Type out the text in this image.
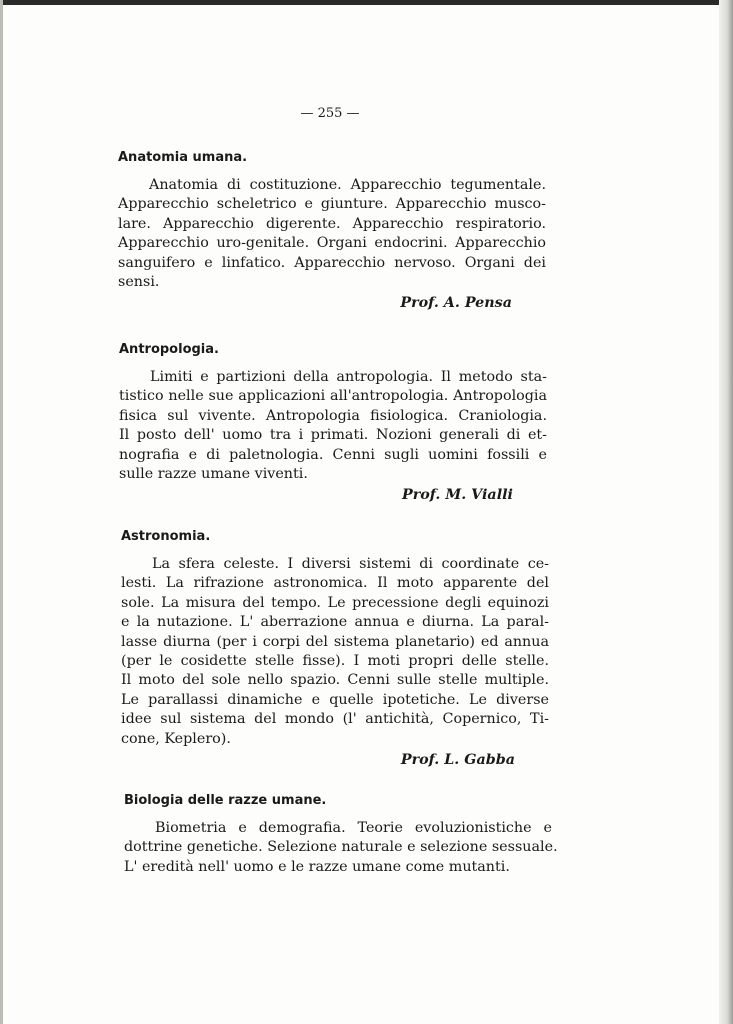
— 255 —
Anatomia umana.
Anatomia di costituzione. Apparecchio tegumentale.
Apparecchio scheletrico e giunture. Apparecchio musco-
lare. Apparecchio digerente. Apparecchio respiratorio.
Apparecchio uro-genitale. Organi endocrini. Apparecchio
sanguifero e linfatico. Apparecchio nervoso. Organi dei
sensi.
Prof. A. Pensa
Antropologia.
Limiti e partizioni della antropologia. Il metodo sta-
tistico nelle sue applicazioni all'antropologia. Antropologia
fisica sul vivente. Antropologia fisiologica. Craniologia.
Il posto dell' uomo tra i primati. Nozioni generali di et-
nografia e di paletnologia. Cenni sugli uomini fossili e
sulle razze umane viventi.
Prof. M. Vialli
Astronomia.
La sfera celeste. I diversi sistemi di coordinate ce-
lesti. La rifrazione astronomica. Il moto apparente del
sole. La misura del tempo. Le precessione degli equinozi
e la nutazione. L' aberrazione annua e diurna. La paral-
lasse diurna (per i corpi del sistema planetario) ed annua
(per le cosidette stelle fisse). I moti propri delle stelle.
Il moto del sole nello spazio. Cenni sulle stelle multiple.
Le parallassi dinamiche e quelle ipotetiche. Le diverse
idee sul sistema del mondo (l' antichità, Copernico, Ti-
cone, Keplero).
Prof. L. Gabba
Biologia delle razze umane.
Biometria e demografia. Teorie evoluzionistiche e
dottrine genetiche. Selezione naturale e selezione sessuale.
L' eredità nell' uomo e le razze umane come mutanti.
